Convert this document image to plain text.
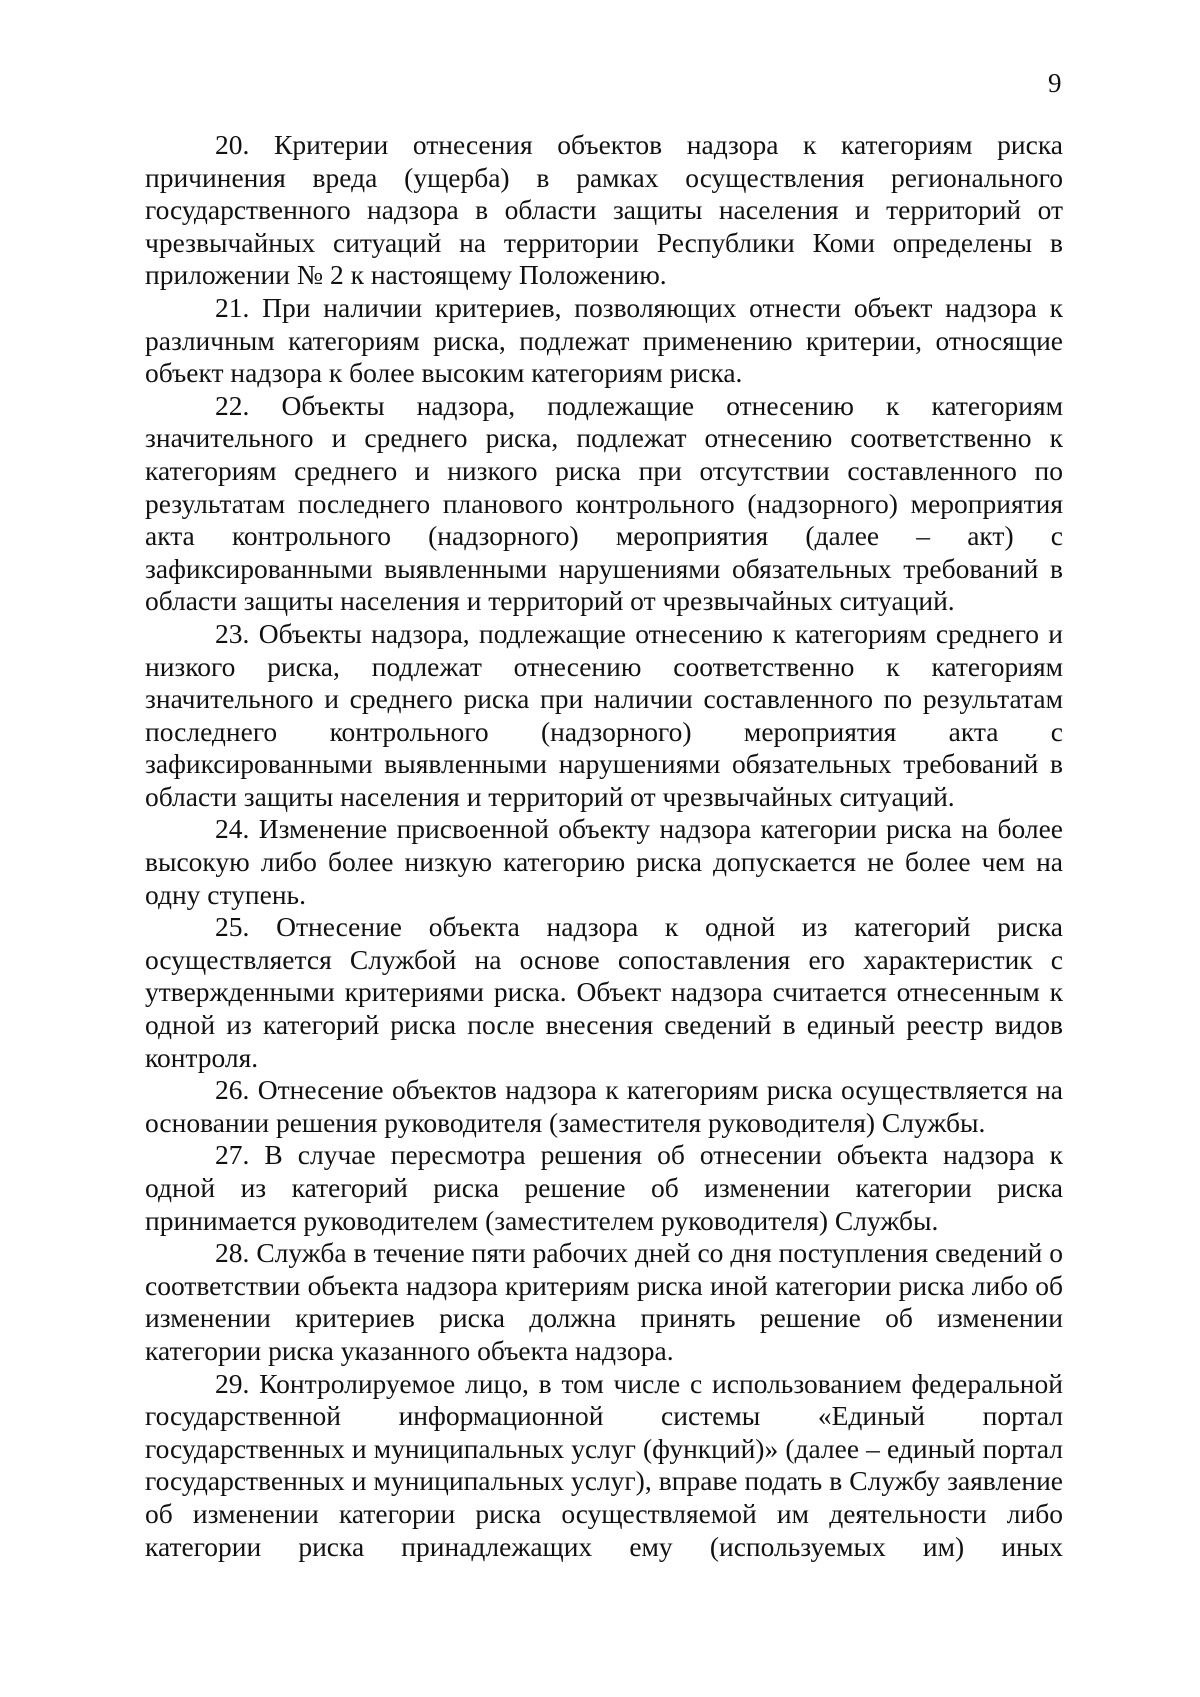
9

20. Критерии отнесения объектов надзора к категориям риска причинения вреда (ущерба) в рамках осуществления регионального государственного надзора в области защиты населения и территорий от чрезвычайных ситуаций на территории Республики Коми определены в приложении № 2 к настоящему Положению.

21. При наличии критериев, позволяющих отнести объект надзора к различным категориям риска, подлежат применению критерии, относящие объект надзора к более высоким категориям риска.

22. Объекты надзора, подлежащие отнесению к категориям значительного и среднего риска, подлежат отнесению соответственно к категориям среднего и низкого риска при отсутствии составленного по результатам последнего планового контрольного (надзорного) мероприятия акта контрольного (надзорного) мероприятия (далее – акт) с зафиксированными выявленными нарушениями обязательных требований в области защиты населения и территорий от чрезвычайных ситуаций.

23. Объекты надзора, подлежащие отнесению к категориям среднего и низкого риска, подлежат отнесению соответственно к категориям значительного и среднего риска при наличии составленного по результатам последнего контрольного (надзорного) мероприятия акта с зафиксированными выявленными нарушениями обязательных требований в области защиты населения и территорий от чрезвычайных ситуаций.

24. Изменение присвоенной объекту надзора категории риска на более высокую либо более низкую категорию риска допускается не более чем на одну ступень.

25. Отнесение объекта надзора к одной из категорий риска осуществляется Службой на основе сопоставления его характеристик с утвержденными критериями риска. Объект надзора считается отнесенным к одной из категорий риска после внесения сведений в единый реестр видов контроля.

26. Отнесение объектов надзора к категориям риска осуществляется на основании решения руководителя (заместителя руководителя) Службы.

27. В случае пересмотра решения об отнесении объекта надзора к одной из категорий риска решение об изменении категории риска принимается руководителем (заместителем руководителя) Службы.

28. Служба в течение пяти рабочих дней со дня поступления сведений о соответствии объекта надзора критериям риска иной категории риска либо об изменении критериев риска должна принять решение об изменении категории риска указанного объекта надзора.

29. Контролируемое лицо, в том числе с использованием федеральной государственной информационной системы «Единый портал государственных и муниципальных услуг (функций)» (далее – единый портал государственных и муниципальных услуг), вправе подать в Службу заявление об изменении категории риска осуществляемой им деятельности либо категории риска принадлежащих ему (используемых им) иных
